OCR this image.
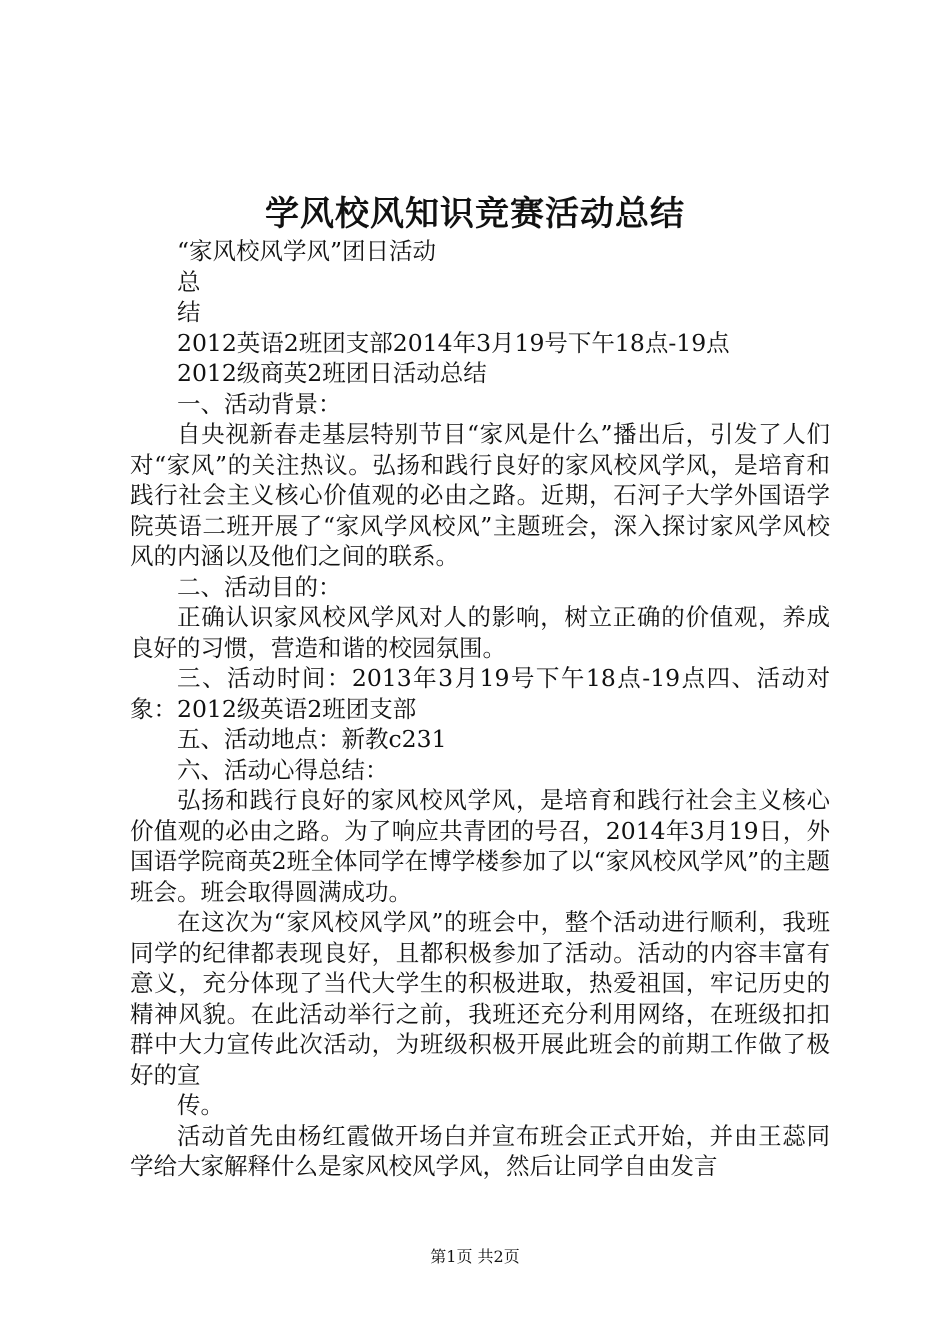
学风校风知识竞赛活动总结
“家风校风学风”团日活动
总
结
2012英语2班团支部2014年3月19号下午18点-19点
2012级商英2班团日活动总结
一、活动背景：

自央视新春走基层特别节目“家风是什么”播出后，引发了人们对“家风”的关注热议。弘扬和践行良好的家风校风学风，是培育和践行社会主义核心价值观的必由之路。近期，石河子大学外国语学院英语二班开展了“家风学风校风”主题班会，深入探讨家风学风校风的内涵以及他们之间的联系。

二、活动目的：

正确认识家风校风学风对人的影响，树立正确的价值观，养成良好的习惯，营造和谐的校园氛围。

三、活动时间：2013年3月19号下午18点-19点四、活动对象：2012级英语2班团支部

五、活动地点：新教c231
六、活动心得总结：

弘扬和践行良好的家风校风学风，是培育和践行社会主义核心价值观的必由之路。为了响应共青团的号召，2014年3月19日，外国语学院商英2班全体同学在博学楼参加了以“家风校风学风”的主题班会。班会取得圆满成功。

在这次为“家风校风学风”的班会中，整个活动进行顺利，我班同学的纪律都表现良好，且都积极参加了活动。活动的内容丰富有意义，充分体现了当代大学生的积极进取，热爱祖国，牢记历史的精神风貌。在此活动举行之前，我班还充分利用网络，在班级扣扣群中大力宣传此次活动，为班级积极开展此班会的前期工作做了极好的宣

传。

活动首先由杨红霞做开场白并宣布班会正式开始，并由王蕊同学给大家解释什么是家风校风学风，然后让同学自由发言

第1页 共2页
